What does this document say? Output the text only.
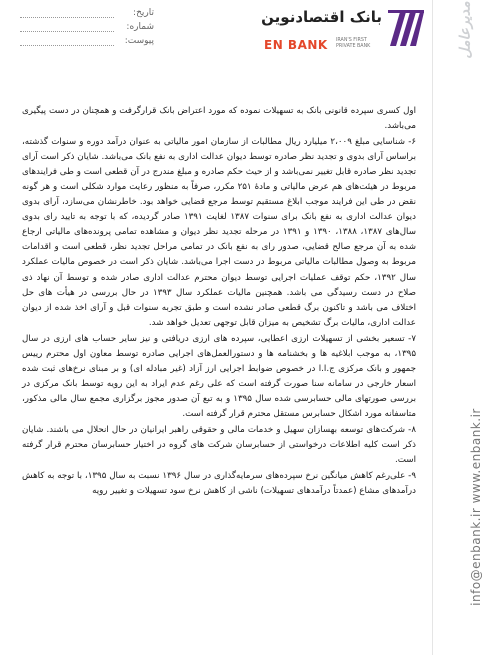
تاریخ:
شماره:
پیوست:
بانک اقتصادنوین
EN BANK IRAN'S FIRST PRIVATE BANK

اول کسری سپرده قانونی بانک به تسهیلات نموده که مورد اعتراض بانک قرارگرفت و همچنان در دست پیگیری می‌باشد.

۶- شناسایی مبلغ ۲،۰۰۹ میلیارد ریال مطالبات از سازمان امور مالیاتی به عنوان درآمد دوره و سنوات گذشته، براساس آرای بدوی و تجدید نظر صادره توسط دیوان عدالت اداری به نفع بانک می‌باشد. شایان ذکر است آرای تجدید نظر صادره قابل تغییر نمی‌باشد و از حیث حکم صادره و مبلغ مندرج در آن قطعی است و طی فرایندهای مربوط در هیئت‌های هم عرض مالیاتی و مادهٔ ۲۵۱ مکرر، صرفاً به منظور رعایت موارد شکلی است و هر گونه نقض در طی این فرایند موجب ابلاغ مستقیم توسط مرجع قضایی خواهد بود. خاطرنشان می‌سازد، آرای بدوی دیوان عدالت اداری به نفع بانک برای سنوات ۱۳۸۷ لغایت ۱۳۹۱ صادر گردیده، که با توجه به تایید رای بدوی سال‌های ۱۳۸۷، ۱۳۸۸، ۱۳۹۰ و ۱۳۹۱ در مرحله تجدید نظر دیوان و مشاهده تمامی پرونده‌های مالیاتی ارجاع شده به آن مرجع صالح قضایی، صدور رای به نفع بانک در تمامی مراحل تجدید نظر، قطعی است و اقدامات مربوط به وصول مطالبات مالیاتی مربوط در دست اجرا می‌باشد. شایان ذکر است در خصوص مالیات عملکرد سال ۱۳۹۲، حکم توقف عملیات اجرایی توسط دیوان محترم عدالت اداری صادر شده و توسط آن نهاد ذی صلاح در دست رسیدگی می باشد. همچنین مالیات عملکرد سال ۱۳۹۳ در حال بررسی در هیأت های حل اختلاف می باشد و تاکنون برگ قطعی صادر نشده است و طبق تجربه سنوات قبل و آرای اخذ شده از دیوان عدالت اداری، مالیات برگ تشخیص به میزان قابل توجهی تعدیل خواهد شد.

۷- تسعیر بخشی از تسهیلات ارزی اعطایی، سپرده های ارزی دریافتی و نیز سایر حساب های ارزی در سال ۱۳۹۵، به موجب ابلاغیه ها و بخشنامه ها و دستورالعمل‌های اجرایی صادره توسط معاون اول محترم رییس جمهور و بانک مرکزی ج.ا.ا در خصوص ضوابط اجرایی ارز آزاد (غیر مبادله ای) و بر مبنای نرخ‌های ثبت شده اسعار خارجی در سامانه سنا صورت گرفته است که علی رغم عدم ایراد به این رویه توسط بانک مرکزی در بررسی صورتهای مالی حسابرسی شده سال ۱۳۹۵ و به تبع آن صدور مجوز برگزاری مجمع سال مالی مذکور، متاسفانه مورد اشکال حسابرس مستقل محترم قرار گرفته است.

۸- شرکت‌های توسعه بهسازان سهیل و خدمات مالی و حقوقی راهبر ایرانیان در حال انحلال می باشند. شایان ذکر است کلیه اطلاعات درخواستی از حسابرسان شرکت های گروه در اختیار حسابرسان محترم قرار گرفته است.

۹- علی‌رغم کاهش میانگین نرخ سپرده‌های سرمایه‌گذاری در سال ۱۳۹۶ نسبت به سال ۱۳۹۵، با توجه به کاهش درآمدهای مشاع (عمدتاً درآمدهای تسهیلات) ناشی از کاهش نرخ سود تسهیلات و تغییر رویه

مدیرعامل
info@enbank.ir www.enbank.ir
